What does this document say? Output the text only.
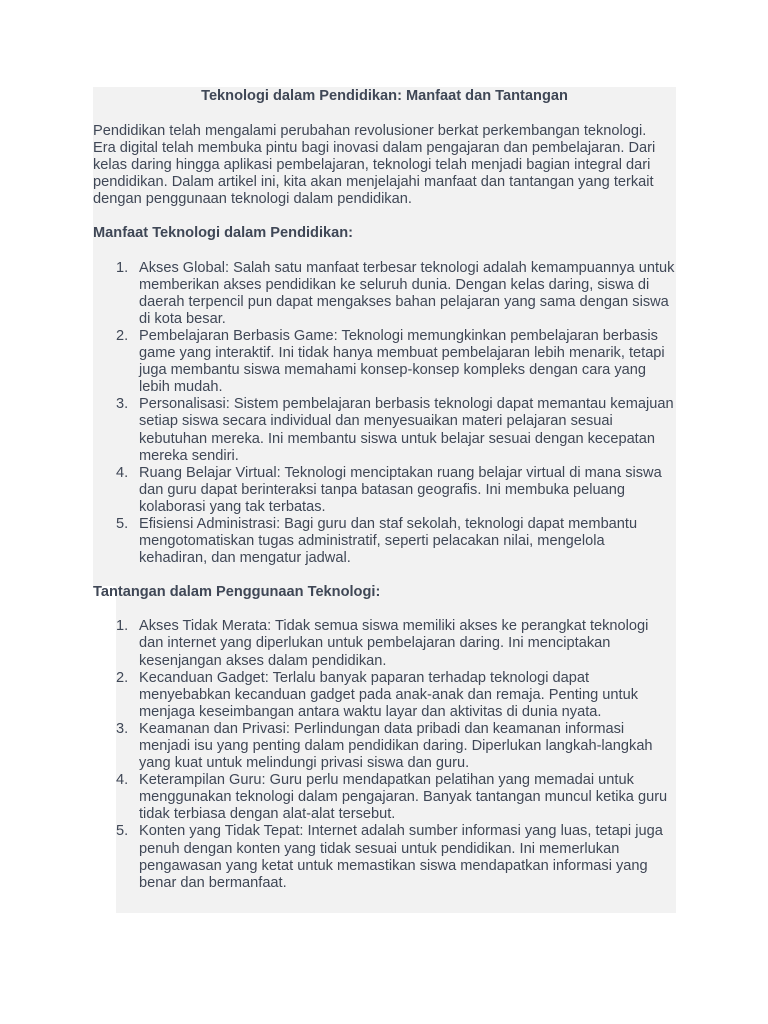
Teknologi dalam Pendidikan: Manfaat dan Tantangan

Pendidikan telah mengalami perubahan revolusioner berkat perkembangan teknologi. Era digital telah membuka pintu bagi inovasi dalam pengajaran dan pembelajaran. Dari kelas daring hingga aplikasi pembelajaran, teknologi telah menjadi bagian integral dari pendidikan. Dalam artikel ini, kita akan menjelajahi manfaat dan tantangan yang terkait dengan penggunaan teknologi dalam pendidikan.

Manfaat Teknologi dalam Pendidikan:
1. Akses Global: Salah satu manfaat terbesar teknologi adalah kemampuannya untuk memberikan akses pendidikan ke seluruh dunia. Dengan kelas daring, siswa di daerah terpencil pun dapat mengakses bahan pelajaran yang sama dengan siswa di kota besar.
2. Pembelajaran Berbasis Game: Teknologi memungkinkan pembelajaran berbasis game yang interaktif. Ini tidak hanya membuat pembelajaran lebih menarik, tetapi juga membantu siswa memahami konsep-konsep kompleks dengan cara yang lebih mudah.
3. Personalisasi: Sistem pembelajaran berbasis teknologi dapat memantau kemajuan setiap siswa secara individual dan menyesuaikan materi pelajaran sesuai kebutuhan mereka. Ini membantu siswa untuk belajar sesuai dengan kecepatan mereka sendiri.
4. Ruang Belajar Virtual: Teknologi menciptakan ruang belajar virtual di mana siswa dan guru dapat berinteraksi tanpa batasan geografis. Ini membuka peluang kolaborasi yang tak terbatas.
5. Efisiensi Administrasi: Bagi guru dan staf sekolah, teknologi dapat membantu mengotomatiskan tugas administratif, seperti pelacakan nilai, mengelola kehadiran, dan mengatur jadwal.
Tantangan dalam Penggunaan Teknologi:
1. Akses Tidak Merata: Tidak semua siswa memiliki akses ke perangkat teknologi dan internet yang diperlukan untuk pembelajaran daring. Ini menciptakan kesenjangan akses dalam pendidikan.
2. Kecanduan Gadget: Terlalu banyak paparan terhadap teknologi dapat menyebabkan kecanduan gadget pada anak-anak dan remaja. Penting untuk menjaga keseimbangan antara waktu layar dan aktivitas di dunia nyata.
3. Keamanan dan Privasi: Perlindungan data pribadi dan keamanan informasi menjadi isu yang penting dalam pendidikan daring. Diperlukan langkah-langkah yang kuat untuk melindungi privasi siswa dan guru.
4. Keterampilan Guru: Guru perlu mendapatkan pelatihan yang memadai untuk menggunakan teknologi dalam pengajaran. Banyak tantangan muncul ketika guru tidak terbiasa dengan alat-alat tersebut.
5. Konten yang Tidak Tepat: Internet adalah sumber informasi yang luas, tetapi juga penuh dengan konten yang tidak sesuai untuk pendidikan. Ini memerlukan pengawasan yang ketat untuk memastikan siswa mendapatkan informasi yang benar dan bermanfaat.
